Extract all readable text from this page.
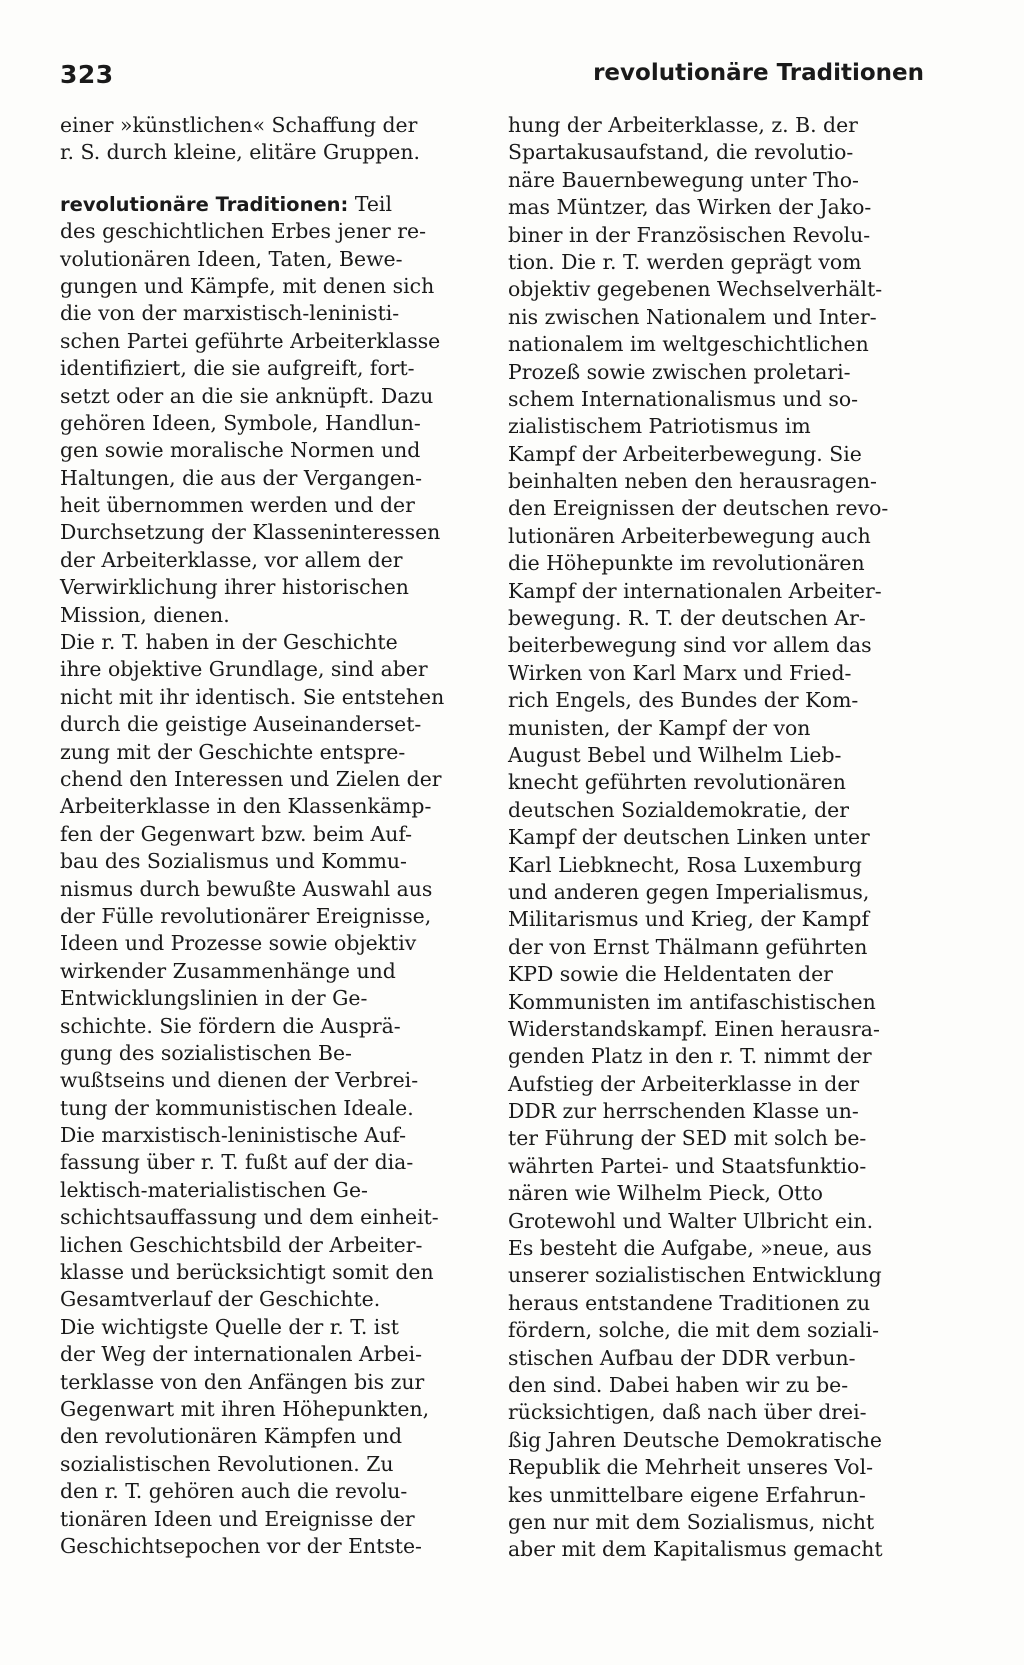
323	revolutionäre Traditionen
einer »künstlichen« Schaffung der
r. S. durch kleine, elitäre Gruppen.
revolutionäre Traditionen: Teil
des geschichtlichen Erbes jener re-
volutionären Ideen, Taten, Bewe-
gungen und Kämpfe, mit denen sich
die von der marxistisch-leninisti-
schen Partei geführte Arbeiterklasse
identifiziert, die sie aufgreift, fort-
setzt oder an die sie anknüpft. Dazu
gehören Ideen, Symbole, Handlun-
gen sowie moralische Normen und
Haltungen, die aus der Vergangen-
heit übernommen werden und der
Durchsetzung der Klasseninteressen
der Arbeiterklasse, vor allem der
Verwirklichung ihrer historischen
Mission, dienen.
Die r. T. haben in der Geschichte
ihre objektive Grundlage, sind aber
nicht mit ihr identisch. Sie entstehen
durch die geistige Auseinanderset-
zung mit der Geschichte entspre-
chend den Interessen und Zielen der
Arbeiterklasse in den Klassenkämp-
fen der Gegenwart bzw. beim Auf-
bau des Sozialismus und Kommu-
nismus durch bewußte Auswahl aus
der Fülle revolutionärer Ereignisse,
Ideen und Prozesse sowie objektiv
wirkender Zusammenhänge und
Entwicklungslinien in der Ge-
schichte. Sie fördern die Ausprä-
gung des sozialistischen Be-
wußtseins und dienen der Verbrei-
tung der kommunistischen Ideale.
Die marxistisch-leninistische Auf-
fassung über r. T. fußt auf der dia-
lektisch-materialistischen Ge-
schichtsauffassung und dem einheit-
lichen Geschichtsbild der Arbeiter-
klasse und berücksichtigt somit den
Gesamtverlauf der Geschichte.
Die wichtigste Quelle der r. T. ist
der Weg der internationalen Arbei-
terklasse von den Anfängen bis zur
Gegenwart mit ihren Höhepunkten,
den revolutionären Kämpfen und
sozialistischen Revolutionen. Zu
den r. T. gehören auch die revolu-
tionären Ideen und Ereignisse der
Geschichtsepochen vor der Entste-
hung der Arbeiterklasse, z. B. der
Spartakusaufstand, die revolutio-
näre Bauernbewegung unter Tho-
mas Müntzer, das Wirken der Jako-
biner in der Französischen Revolu-
tion. Die r. T. werden geprägt vom
objektiv gegebenen Wechselverhält-
nis zwischen Nationalem und Inter-
nationalem im weltgeschichtlichen
Prozeß sowie zwischen proletari-
schem Internationalismus und so-
zialistischem Patriotismus im
Kampf der Arbeiterbewegung. Sie
beinhalten neben den herausragen-
den Ereignissen der deutschen revo-
lutionären Arbeiterbewegung auch
die Höhepunkte im revolutionären
Kampf der internationalen Arbeiter-
bewegung. R. T. der deutschen Ar-
beiterbewegung sind vor allem das
Wirken von Karl Marx und Fried-
rich Engels, des Bundes der Kom-
munisten, der Kampf der von
August Bebel und Wilhelm Lieb-
knecht geführten revolutionären
deutschen Sozialdemokratie, der
Kampf der deutschen Linken unter
Karl Liebknecht, Rosa Luxemburg
und anderen gegen Imperialismus,
Militarismus und Krieg, der Kampf
der von Ernst Thälmann geführten
KPD sowie die Heldentaten der
Kommunisten im antifaschistischen
Widerstandskampf. Einen herausra-
genden Platz in den r. T. nimmt der
Aufstieg der Arbeiterklasse in der
DDR zur herrschenden Klasse un-
ter Führung der SED mit solch be-
währten Partei- und Staatsfunktio-
nären wie Wilhelm Pieck, Otto
Grotewohl und Walter Ulbricht ein.
Es besteht die Aufgabe, »neue, aus
unserer sozialistischen Entwicklung
heraus entstandene Traditionen zu
fördern, solche, die mit dem soziali-
stischen Aufbau der DDR verbun-
den sind. Dabei haben wir zu be-
rücksichtigen, daß nach über drei-
ßig Jahren Deutsche Demokratische
Republik die Mehrheit unseres Vol-
kes unmittelbare eigene Erfahrun-
gen nur mit dem Sozialismus, nicht
aber mit dem Kapitalismus gemacht
